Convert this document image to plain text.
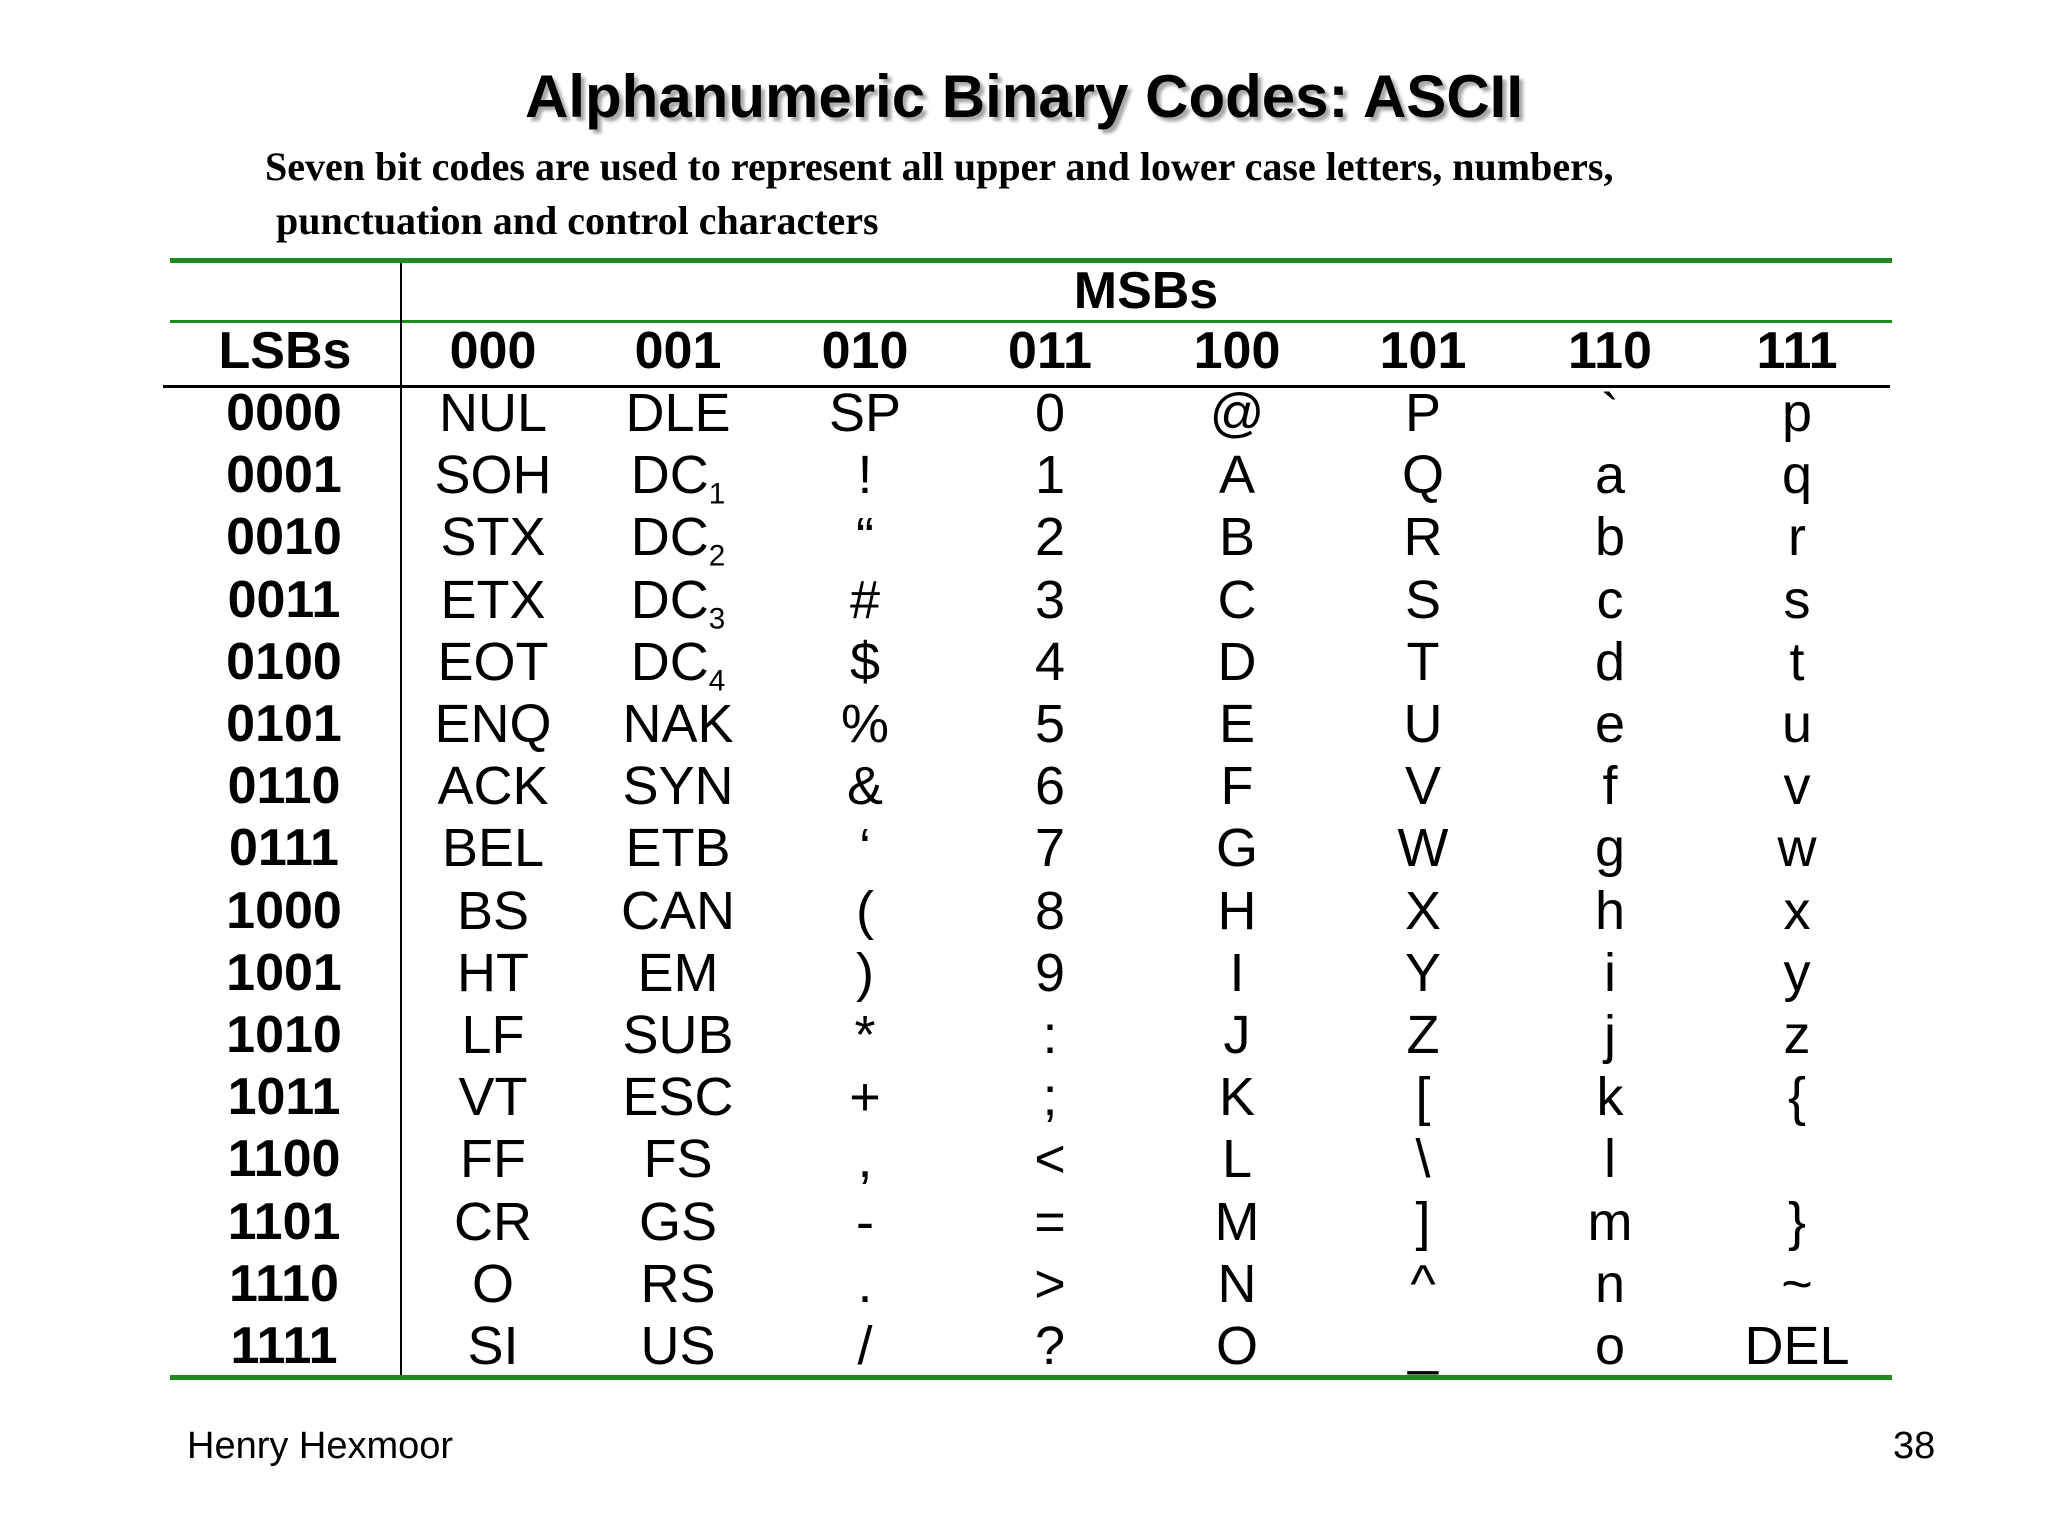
Alphanumeric Binary Codes: ASCII
Seven bit codes are used to represent all upper and lower case letters, numbers,
punctuation and control characters
MSBs
LSBs	000	001	010	011	100	101	110	111
0000	NUL	DLE	SP	0	@	P	`	p
0001	SOH	$DC_1$	!	1	A	Q	a	q
0010	STX	$DC_2$	“	2	B	R	b	r
0011	ETX	$DC_3$	#	3	C	S	c	s
0100	EOT	$DC_4$	$	4	D	T	d	t
0101	ENQ	NAK	%	5	E	U	e	u
0110	ACK	SYN	&	6	F	V	f	v
0111	BEL	ETB	‘	7	G	W	g	w
1000	BS	CAN	(	8	H	X	h	x
1001	HT	EM	)	9	I	Y	i	y
1010	LF	SUB	*	:	J	Z	j	z
1011	VT	ESC	+	;	K	[	k	{
1100	FF	FS	,	<	L	\	l
1101	CR	GS	-	=	M	]	m	}
1110	O	RS	.	>	N	^	n	~
1111	SI	US	/	?	O	_	o	DEL
Henry Hexmoor	38
